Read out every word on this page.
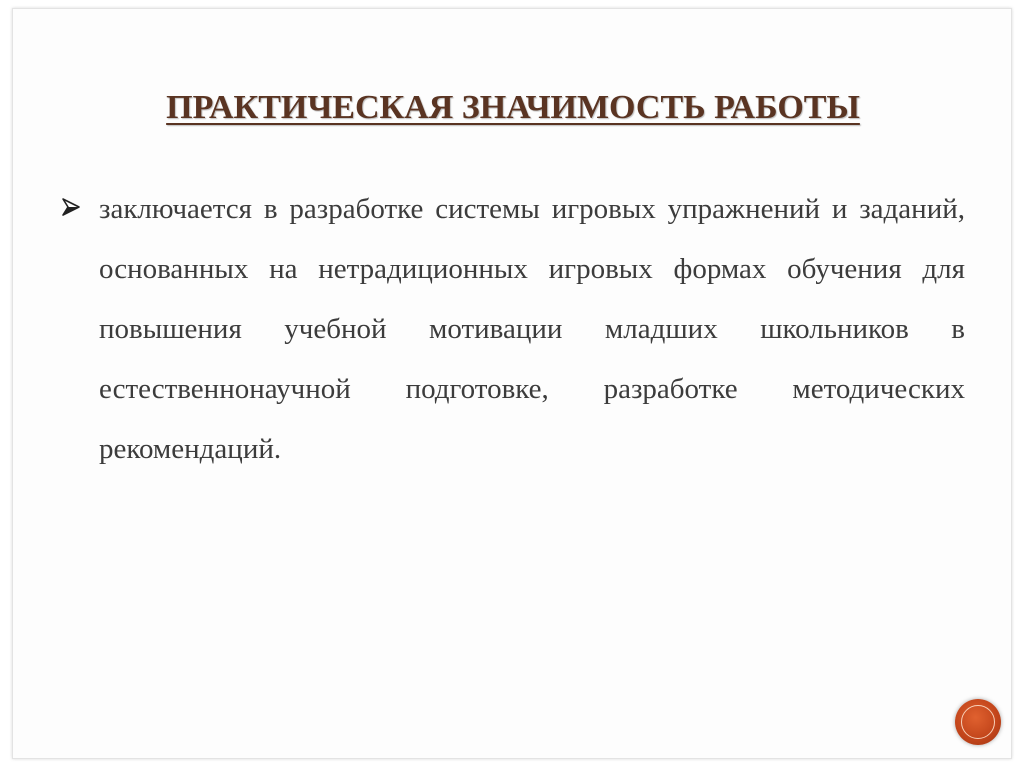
ПРАКТИЧЕСКАЯ ЗНАЧИМОСТЬ РАБОТЫ

заключается в разработке системы игровых упражнений и заданий, основанных на нетрадиционных игровых формах обучения для повышения учебной мотивации младших школьников в естественнонаучной подготовке, разработке методических рекомендаций.
